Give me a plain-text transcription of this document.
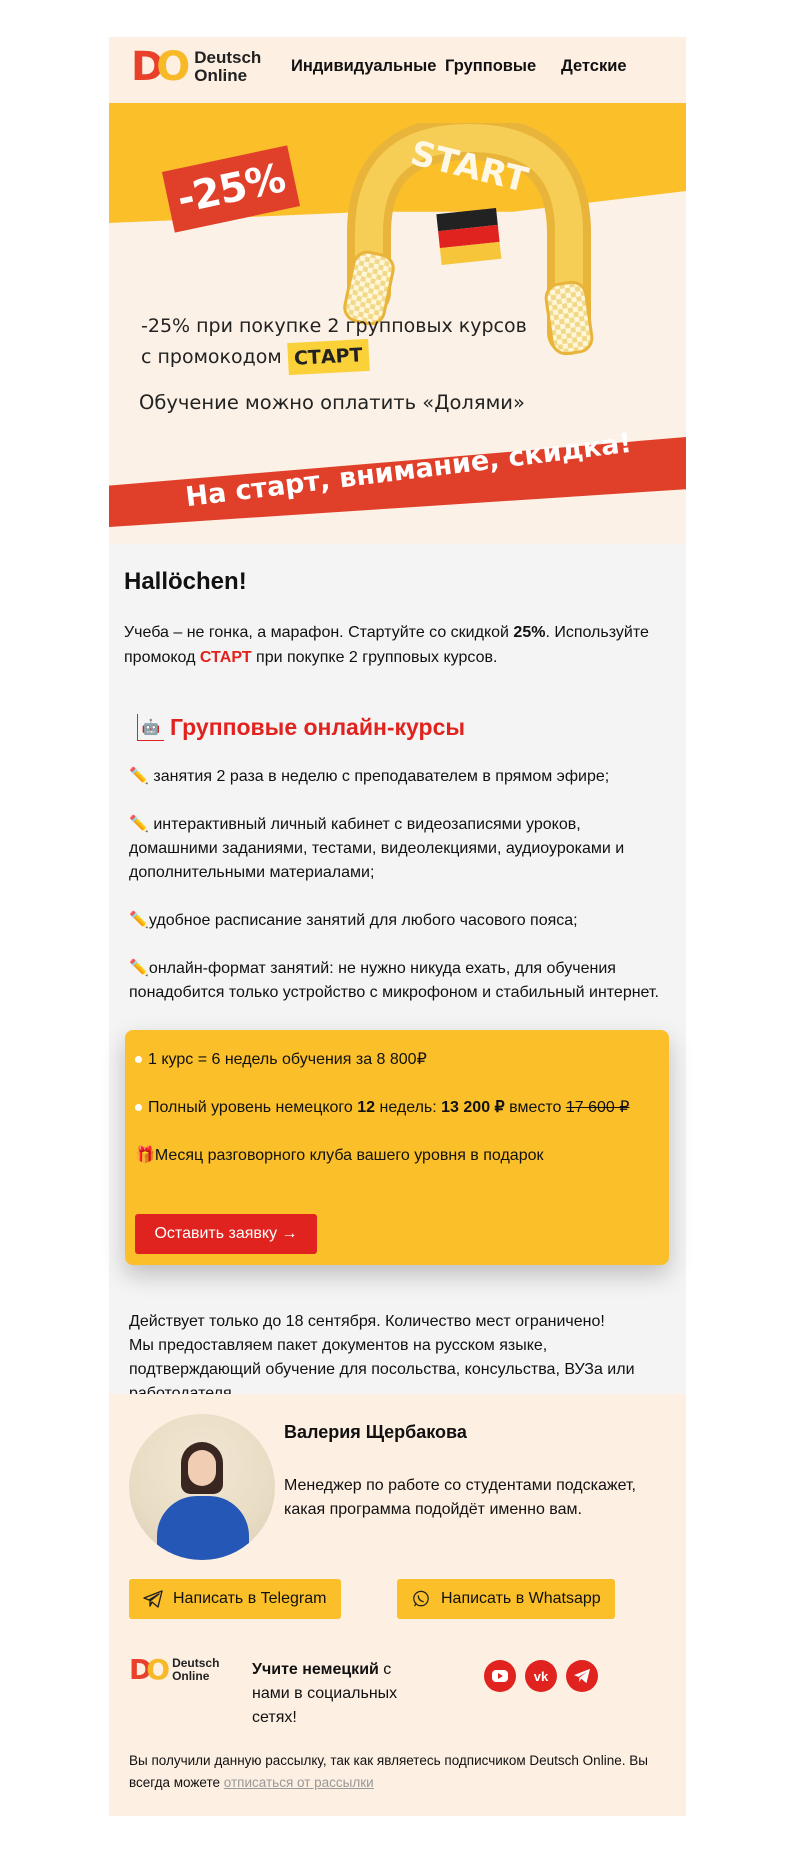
DO Deutsch
Online	Индивидуальные Групповые Детские
-25%	START
-25% при покупке 2 групповых курсов
с промокодом СТАРТ
Обучение можно оплатить «Долями»
На старт, внимание, скидка!
Hallöchen!
Учеба – не гонка, а марафон. Стартуйте со скидкой 25%. Используйте промокод СТАРТ при покупке 2 групповых курсов.
🤖 Групповые онлайн-курсы
✏️ занятия 2 раза в неделю с преподавателем в прямом эфире;
✏️ интерактивный личный кабинет с видеозаписями уроков, домашними заданиями, тестами, видеолекциями, аудиоуроками и дополнительными материалами;
✏️удобное расписание занятий для любого часового пояса;
✏️онлайн-формат занятий: не нужно никуда ехать, для обучения понадобится только устройство с микрофоном и стабильный интернет.
1 курс = 6 недель обучения за 8 800₽
Полный уровень немецкого 12 недель: 13 200 ₽ вместо 17 600 ₽
🎁Месяц разговорного клуба вашего уровня в подарок
Оставить заявку →
Действует только до 18 сентября. Количество мест ограничено!
Мы предоставляем пакет документов на русском языке, подтверждающий обучение для посольства, консульства, ВУЗа или
Валерия Щербакова
Менеджер по работе со студентами подскажет, какая программа подойдёт именно вам.
Написать в Telegram	Написать в Whatsapp
DO Deutsch
Online	Учите немецкий с нами в социальных сетях!
vk
Вы получили данную рассылку, так как являетесь подписчиком Deutsch Online. Вы всегда можете отписаться от рассылки
